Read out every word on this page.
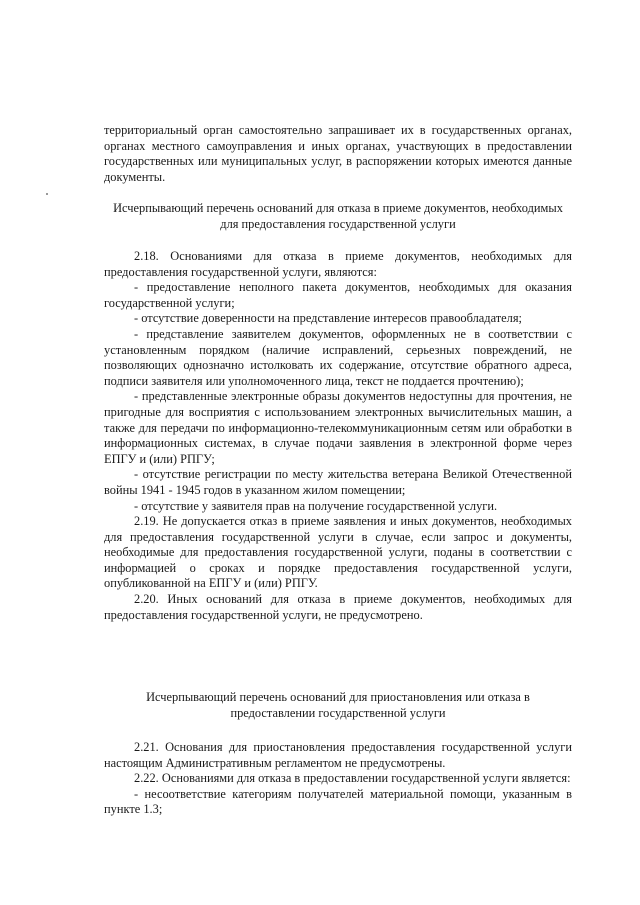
территориальный орган самостоятельно запрашивает их в государственных органах, органах местного самоуправления и иных органах, участвующих в предоставлении государственных или муниципальных услуг, в распоряжении которых имеются данные документы.

Исчерпывающий перечень оснований для отказа в приеме документов, необходимых для предоставления государственной услуги

2.18. Основаниями для отказа в приеме документов, необходимых для предоставления государственной услуги, являются:

- предоставление неполного пакета документов, необходимых для оказания государственной услуги;

- отсутствие доверенности на представление интересов правообладателя;

- представление заявителем документов, оформленных не в соответствии с установленным порядком (наличие исправлений, серьезных повреждений, не позволяющих однозначно истолковать их содержание, отсутствие обратного адреса, подписи заявителя или уполномоченного лица, текст не поддается прочтению);

- представленные электронные образы документов недоступны для прочтения, не пригодные для восприятия с использованием электронных вычислительных машин, а также для передачи по информационно-телекоммуникационным сетям или обработки в информационных системах, в случае подачи заявления в электронной форме через ЕПГУ и (или) РПГУ;

- отсутствие регистрации по месту жительства ветерана Великой Отечественной войны 1941 - 1945 годов в указанном жилом помещении;

- отсутствие у заявителя прав на получение государственной услуги.

2.19. Не допускается отказ в приеме заявления и иных документов, необходимых для предоставления государственной услуги в случае, если запрос и документы, необходимые для предоставления государственной услуги, поданы в соответствии с информацией о сроках и порядке предоставления государственной услуги, опубликованной на ЕПГУ и (или) РПГУ.

2.20. Иных оснований для отказа в приеме документов, необходимых для предоставления государственной услуги, не предусмотрено.

Исчерпывающий перечень оснований для приостановления или отказа в предоставлении государственной услуги

2.21. Основания для приостановления предоставления государственной услуги настоящим Административным регламентом не предусмотрены.

2.22. Основаниями для отказа в предоставлении государственной услуги является:

- несоответствие категориям получателей материальной помощи, указанным в пункте 1.3;
